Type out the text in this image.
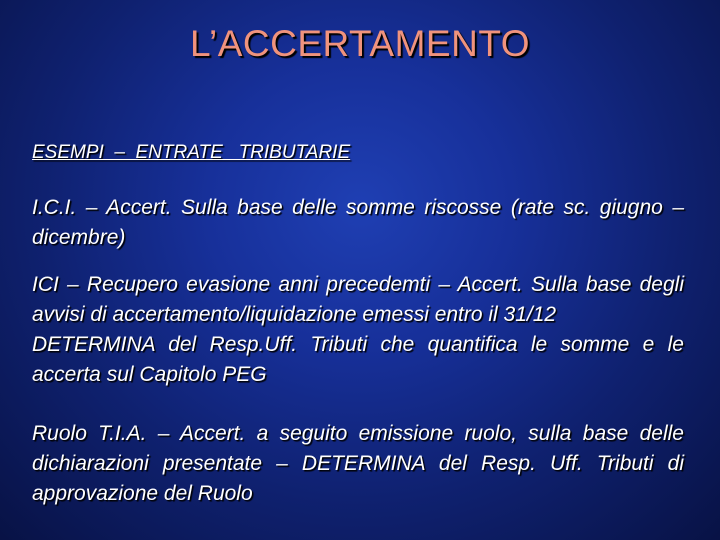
L’ACCERTAMENTO

ESEMPI  –  ENTRATE   TRIBUTARIE

I.C.I. – Accert. Sulla base delle somme riscosse (rate sc. giugno – dicembre)

ICI – Recupero evasione anni precedemti – Accert. Sulla base degli avvisi di accertamento/liquidazione emessi entro il 31/12
DETERMINA del Resp.Uff. Tributi che quantifica le somme e le accerta sul Capitolo PEG

Ruolo T.I.A. – Accert. a seguito emissione ruolo, sulla base delle dichiarazioni presentate – DETERMINA del Resp. Uff. Tributi di approvazione del Ruolo
